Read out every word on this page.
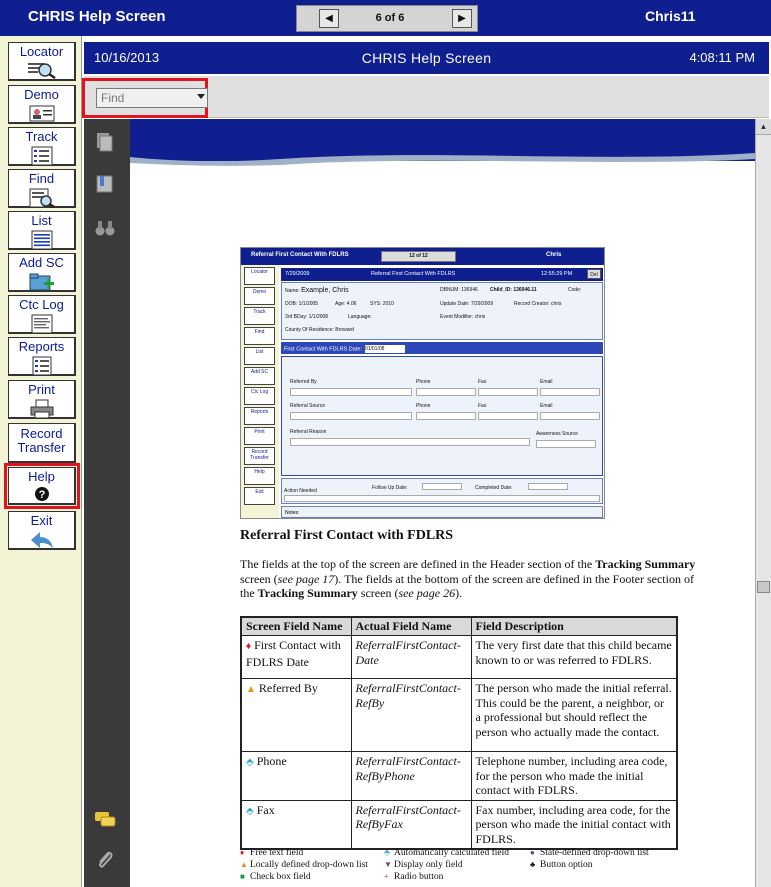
CHRIS Help Screen	◀	6 of 6	▶	Chris11
Locator
Demo
Track
Find
List
Add SC
Ctc Log
Reports
Print
Record Transfer
Help
?
Exit
10/16/2013	CHRIS Help Screen	4:08:11 PM
Find
Referral First Contact With FDLRS	12 of 12	Chris
Locator
Demo
Track
Find
List
Add SC
Ctc Log
Reports
Print
Record Transfer
Help
Exit
7/29/2009	Referral First Contact With FDLRS	12:55:29 PM	Del
Name: Example, Chris	DBNUM: 136946 Child_ID: 136946.11	Code:
DOB: 1/1/2005	Age: 4.06	SYS: 2010	Update Date: 7/29/2009	Record Creator: chris
3rd BDay: 1/1/2008	Language:	Event Modifier: chris
County Of Residence: Broward
First Contact With FDLRS Date: 01/01/08
Referred By	Phone	Fax	Email
Referral Source	Phone	Fax	Email
Referral Reason	Awareness Source
Action Needed	Follow Up Date:	Completed Date:
Notes:
Referral First Contact with FDLRS
The fields at the top of the screen are defined in the Header section of the Tracking Summary screen (see page 17). The fields at the bottom of the screen are defined in the Footer section of the Tracking Summary screen (see page 26).
Screen Field Name	Actual Field Name	Field Description
♦ First Contact with FDLRS Date	ReferralFirstContact-Date	The very first date that this child became known to or was referred to FDLRS.
▲ Referred By	ReferralFirstContact-RefBy	The person who made the initial referral. This could be the parent, a neighbor, or a professional but should reflect the person who actually made the contact.
⬘ Phone	ReferralFirstContact-RefByPhone	Telephone number, including area code, for the person who made the initial contact with FDLRS.
⬘ Fax	ReferralFirstContact-RefByFax	Fax number, including area code, for the person who made the initial contact with FDLRS.
♦ Free text field	⬘ Automatically calculated field	● State-defined drop-down list
▲ Locally defined drop-down list ▼ Display only field	♣ Button option
■ Check box field	+ Radio button
▲
